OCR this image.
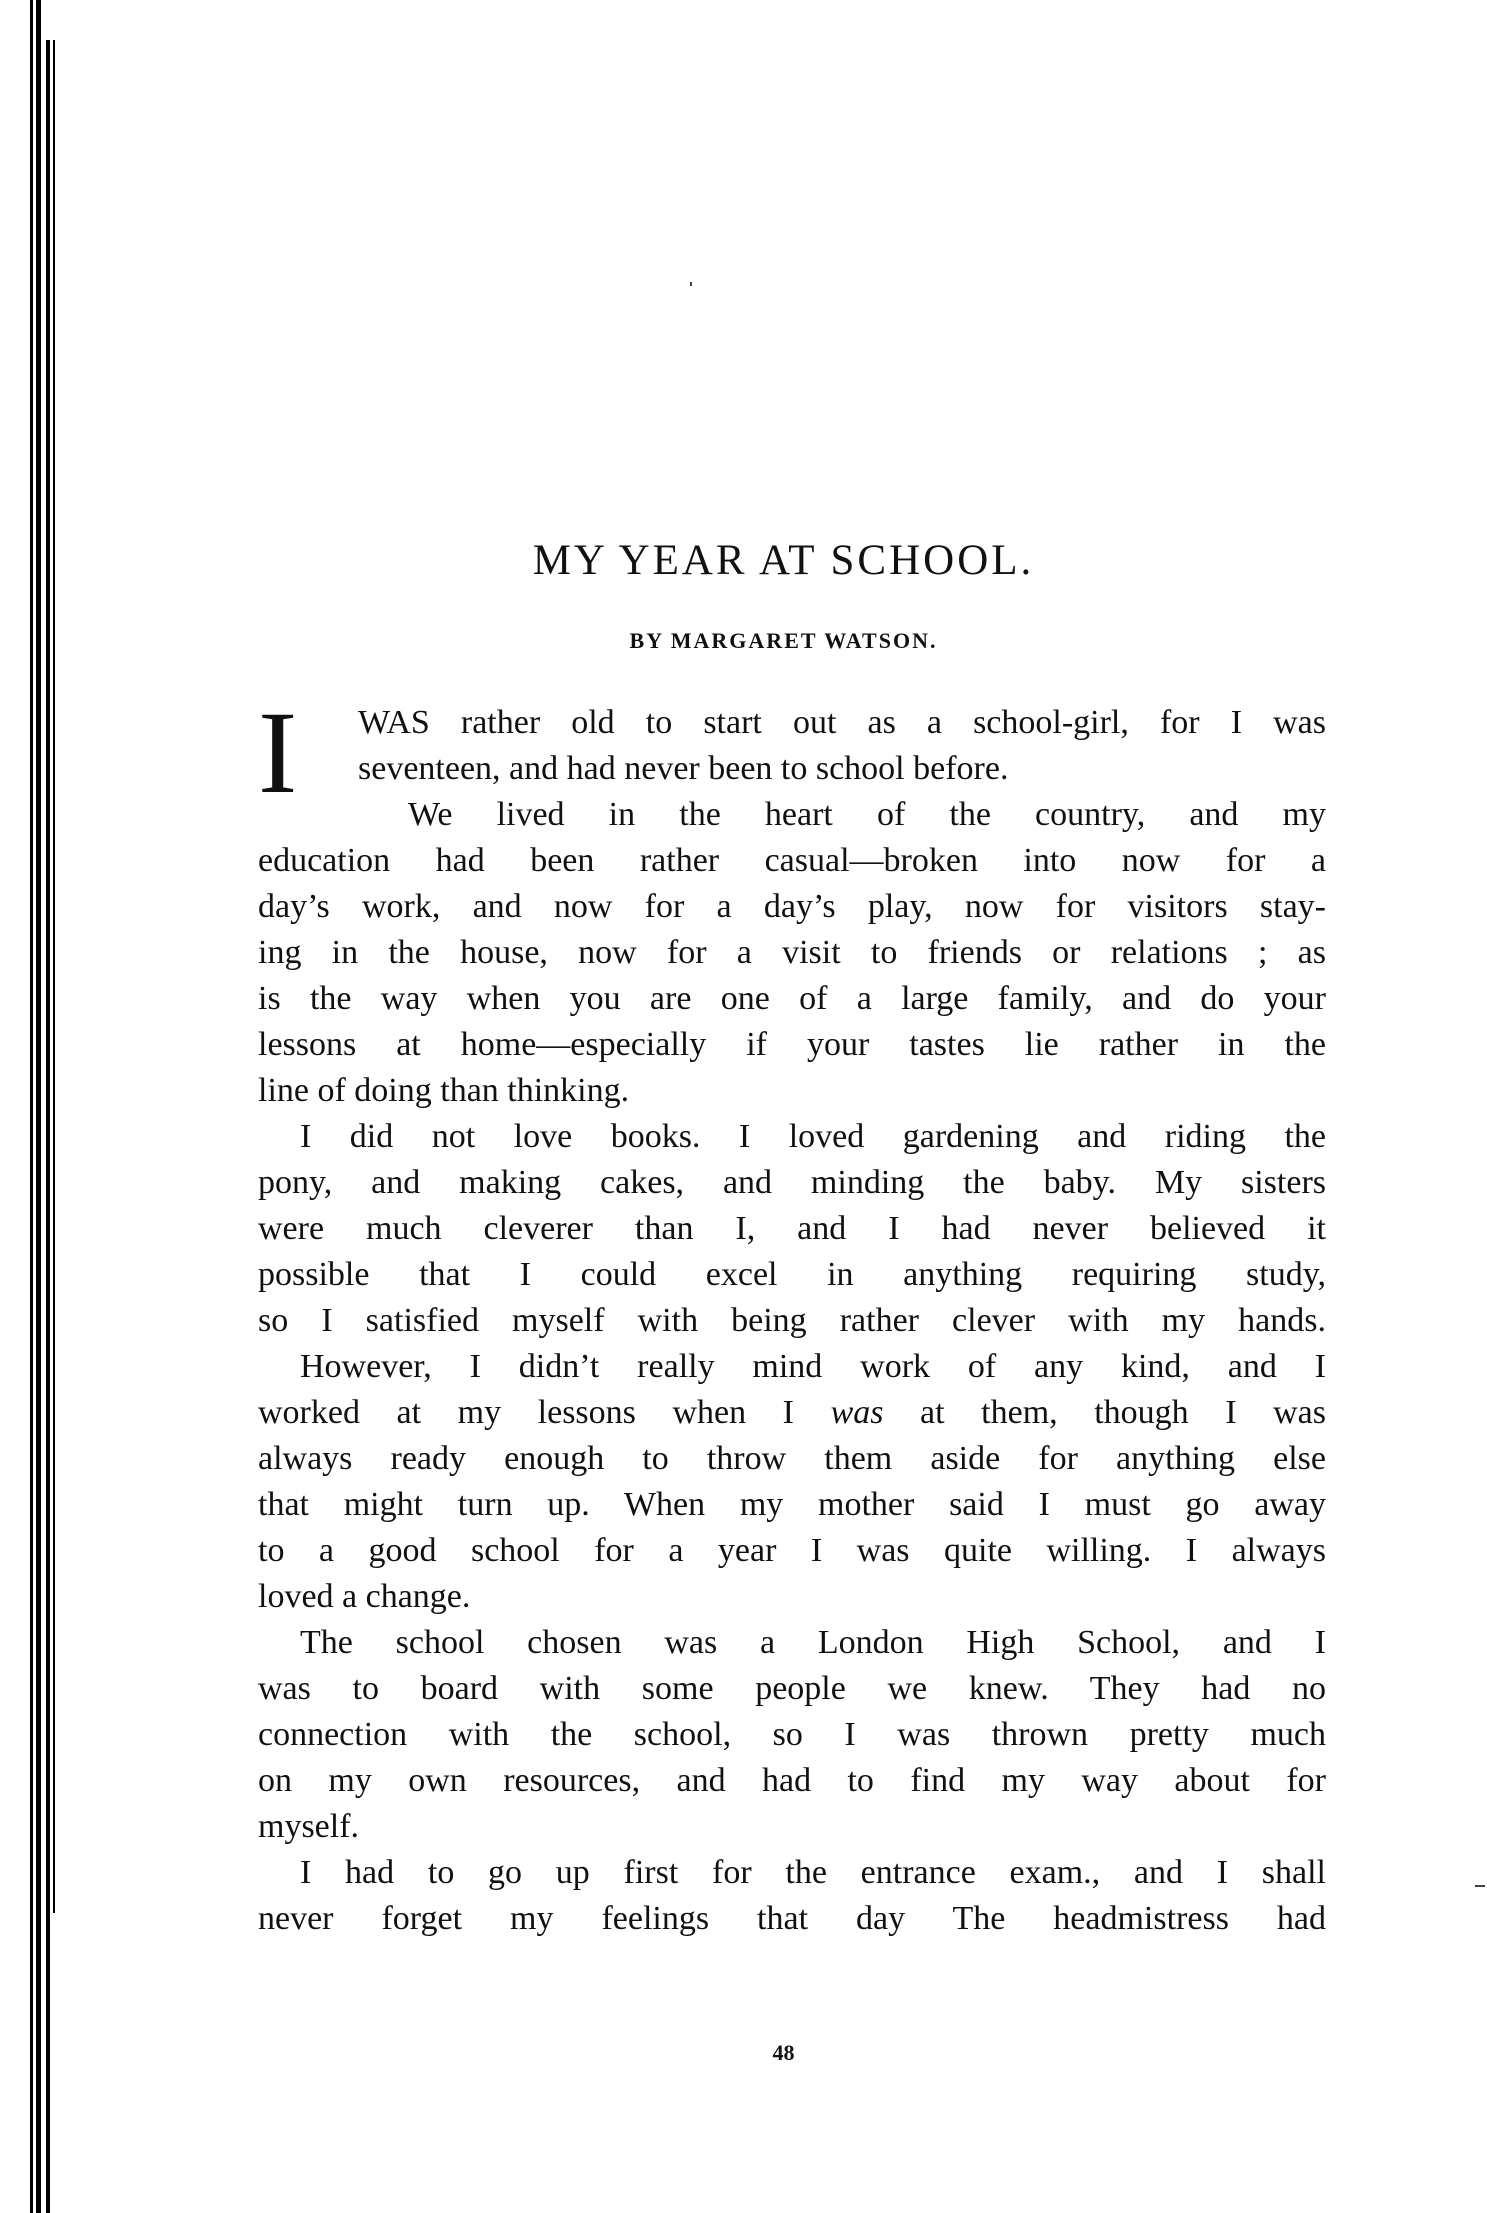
MY YEAR AT SCHOOL.
BY MARGARET WATSON.
I	WAS rather old to start out as a school-girl, for I was
seventeen, and had never been to school before.
We lived in the heart of the country, and my
education had been rather casual—broken into now for a
day’s work, and now for a day’s play, now for visitors stay-
ing in the house, now for a visit to friends or relations ; as
is the way when you are one of a large family, and do your
lessons at home—especially if your tastes lie rather in the
line of doing than thinking.
I did not love books. I loved gardening and riding the
pony, and making cakes, and minding the baby. My sisters
were much cleverer than I, and I had never believed it
possible that I could excel in anything requiring study,
so I satisfied myself with being rather clever with my hands.
However, I didn’t really mind work of any kind, and I
worked at my lessons when I was at them, though I was
always ready enough to throw them aside for anything else
that might turn up. When my mother said I must go away
to a good school for a year I was quite willing. I always
loved a change.
The school chosen was a London High School, and I
was to board with some people we knew. They had no
connection with the school, so I was thrown pretty much
on my own resources, and had to find my way about for
myself.
I had to go up first for the entrance exam., and I shall
never forget my feelings that day The headmistress had
48
